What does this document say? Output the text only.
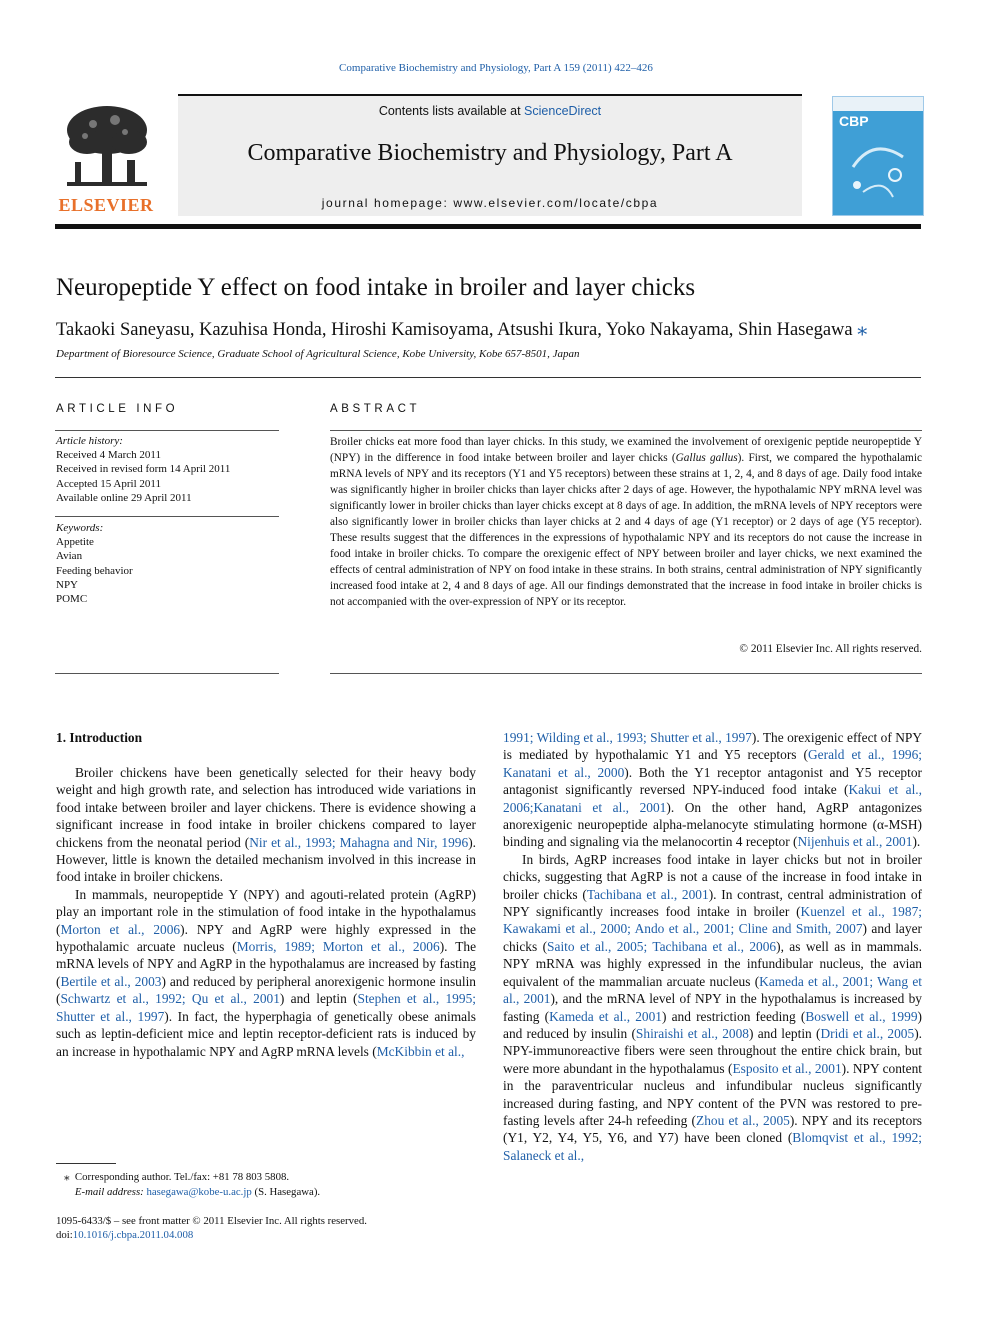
Comparative Biochemistry and Physiology, Part A 159 (2011) 422–426
ELSEVIER
Contents lists available at ScienceDirect
Comparative Biochemistry and Physiology, Part A
journal homepage: www.elsevier.com/locate/cbpa
CBP
Neuropeptide Y effect on food intake in broiler and layer chicks
Takaoki Saneyasu, Kazuhisa Honda, Hiroshi Kamisoyama, Atsushi Ikura, Yoko Nakayama, Shin Hasegawa ⁎
Department of Bioresource Science, Graduate School of Agricultural Science, Kobe University, Kobe 657-8501, Japan
ARTICLE INFO	ABSTRACT
Article history:
Received 4 March 2011
Received in revised form 14 April 2011
Accepted 15 April 2011
Available online 29 April 2011
Keywords:
Appetite
Avian
Feeding behavior
NPY
POMC
Broiler chicks eat more food than layer chicks. In this study, we examined the involvement of orexigenic peptide neuropeptide Y (NPY) in the difference in food intake between broiler and layer chicks (Gallus gallus). First, we compared the hypothalamic mRNA levels of NPY and its receptors (Y1 and Y5 receptors) between these strains at 1, 2, 4, and 8 days of age. Daily food intake was significantly higher in broiler chicks than layer chicks after 2 days of age. However, the hypothalamic NPY mRNA level was significantly lower in broiler chicks than layer chicks except at 8 days of age. In addition, the mRNA levels of NPY receptors were also significantly lower in broiler chicks than layer chicks at 2 and 4 days of age (Y1 receptor) or 2 days of age (Y5 receptor). These results suggest that the differences in the expressions of hypothalamic NPY and its receptors do not cause the increase in food intake in broiler chicks. To compare the orexigenic effect of NPY between broiler and layer chicks, we next examined the effects of central administration of NPY on food intake in these strains. In both strains, central administration of NPY significantly increased food intake at 2, 4 and 8 days of age. All our findings demonstrated that the increase in food intake in broiler chicks is not accompanied with the over-expression of NPY or its receptor.
© 2011 Elsevier Inc. All rights reserved.
1. Introduction

Broiler chickens have been genetically selected for their heavy body weight and high growth rate, and selection has introduced wide variations in food intake between broiler and layer chickens. There is evidence showing a significant increase in food intake in broiler chickens compared to layer chickens from the neonatal period (Nir et al., 1993; Mahagna and Nir, 1996). However, little is known the detailed mechanism involved in this increase in food intake in broiler chickens.

In mammals, neuropeptide Y (NPY) and agouti-related protein (AgRP) play an important role in the stimulation of food intake in the hypothalamus (Morton et al., 2006). NPY and AgRP were highly expressed in the hypothalamic arcuate nucleus (Morris, 1989; Morton et al., 2006). The mRNA levels of NPY and AgRP in the hypothalamus are increased by fasting (Bertile et al., 2003) and reduced by peripheral anorexigenic hormone insulin (Schwartz et al., 1992; Qu et al., 2001) and leptin (Stephen et al., 1995; Shutter et al., 1997). In fact, the hyperphagia of genetically obese animals such as leptin-deficient mice and leptin receptor-deficient rats is induced by an increase in hypothalamic NPY and AgRP mRNA levels (McKibbin et al.,

1991; Wilding et al., 1993; Shutter et al., 1997). The orexigenic effect of NPY is mediated by hypothalamic Y1 and Y5 receptors (Gerald et al., 1996; Kanatani et al., 2000). Both the Y1 receptor antagonist and Y5 receptor antagonist significantly reversed NPY-induced food intake (Kakui et al., 2006;Kanatani et al., 2001). On the other hand, AgRP antagonizes anorexigenic neuropeptide alpha-melanocyte stimulating hormone (α-MSH) binding and signaling via the melanocortin 4 receptor (Nijenhuis et al., 2001).

In birds, AgRP increases food intake in layer chicks but not in broiler chicks, suggesting that AgRP is not a cause of the increase in food intake in broiler chicks (Tachibana et al., 2001). In contrast, central administration of NPY significantly increases food intake in broiler (Kuenzel et al., 1987; Kawakami et al., 2000; Ando et al., 2001; Cline and Smith, 2007) and layer chicks (Saito et al., 2005; Tachibana et al., 2006), as well as in mammals. NPY mRNA was highly expressed in the infundibular nucleus, the avian equivalent of the mammalian arcuate nucleus (Kameda et al., 2001; Wang et al., 2001), and the mRNA level of NPY in the hypothalamus is increased by fasting (Kameda et al., 2001) and restriction feeding (Boswell et al., 1999) and reduced by insulin (Shiraishi et al., 2008) and leptin (Dridi et al., 2005). NPY-immunoreactive fibers were seen throughout the entire chick brain, but were more abundant in the hypothalamus (Esposito et al., 2001). NPY content in the paraventricular nucleus and infundibular nucleus significantly increased during fasting, and NPY content of the PVN was restored to pre-fasting levels after 24-h refeeding (Zhou et al., 2005). NPY and its receptors (Y1, Y2, Y4, Y5, Y6, and Y7) have been cloned (Blomqvist et al., 1992; Salaneck et al.,

⁎ Corresponding author. Tel./fax: +81 78 803 5808.
E-mail address: hasegawa@kobe-u.ac.jp (S. Hasegawa).
1095-6433/$ – see front matter © 2011 Elsevier Inc. All rights reserved.
doi:10.1016/j.cbpa.2011.04.008
